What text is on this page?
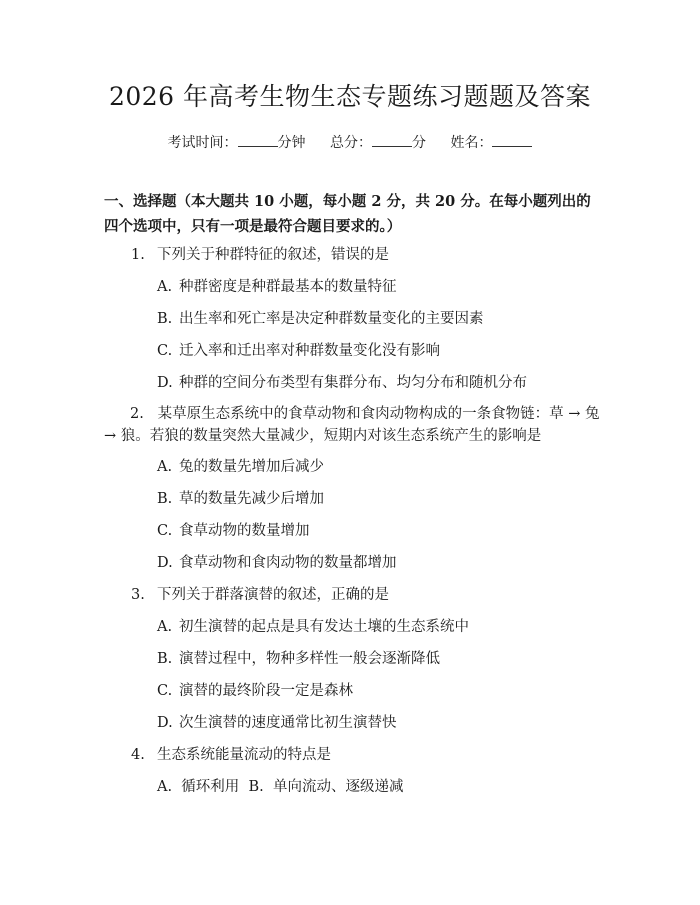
2026 年高考生物生态专题练习题题及答案
考试时间：	分钟 总分：	分 姓名：
一、选择题（本大题共 10 小题，每小题 2 分，共 20 分。在每小题列出的四个选项中，只有一项是最符合题目要求的。）
1. 下列关于种群特征的叙述，错误的是
A. 种群密度是种群最基本的数量特征
B. 出生率和死亡率是决定种群数量变化的主要因素
C. 迁入率和迁出率对种群数量变化没有影响
D. 种群的空间分布类型有集群分布、均匀分布和随机分布
2. 某草原生态系统中的食草动物和食肉动物构成的一条食物链：草 → 兔 → 狼。若狼的数量突然大量减少，短期内对该生态系统产生的影响是
A. 兔的数量先增加后减少
B. 草的数量先减少后增加
C. 食草动物的数量增加
D. 食草动物和食肉动物的数量都增加
3. 下列关于群落演替的叙述，正确的是
A. 初生演替的起点是具有发达土壤的生态系统中
B. 演替过程中，物种多样性一般会逐渐降低
C. 演替的最终阶段一定是森林
D. 次生演替的速度通常比初生演替快
4. 生态系统能量流动的特点是
A.  循环利用  B.  单向流动、逐级递减
